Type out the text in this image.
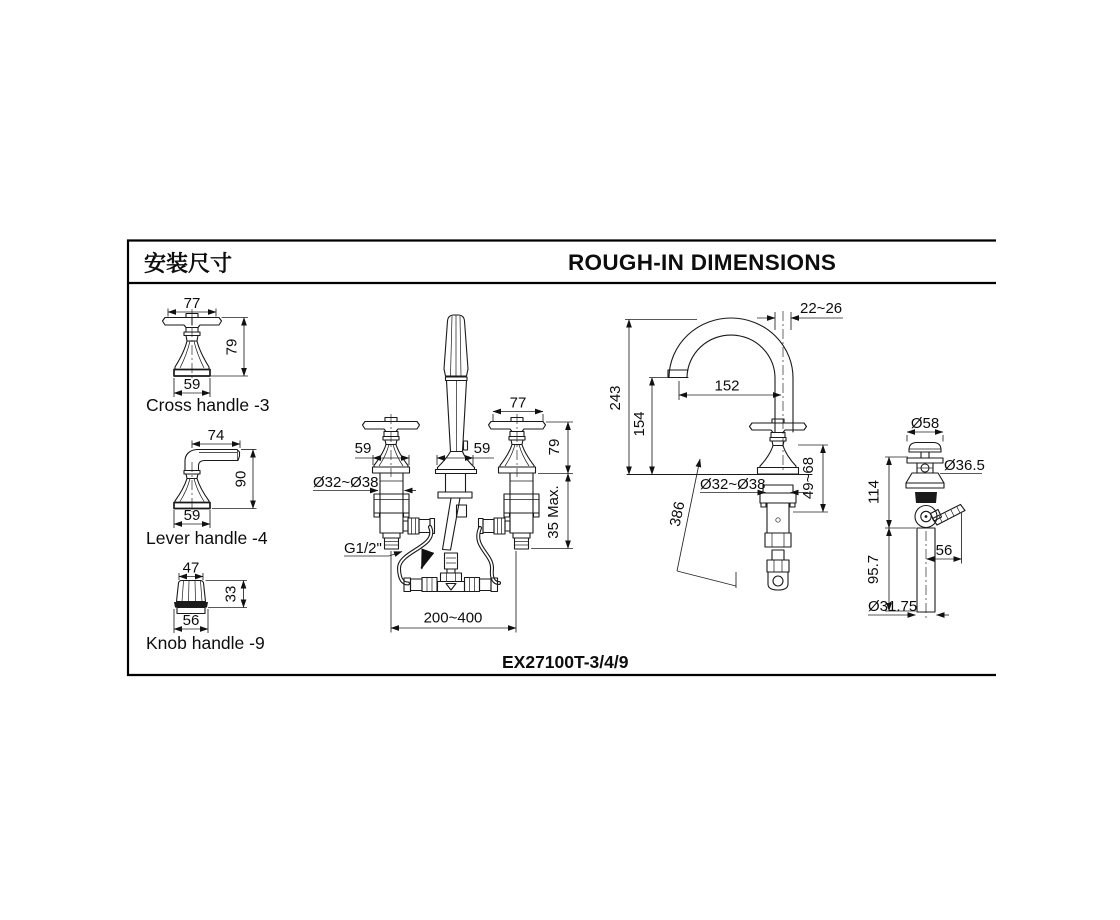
安装尺寸	ROUGH-IN DIMENSIONS
77
79
59
Cross handle -3
74
90
59
Lever handle -4
47
33
56
Knob handle -9
59	59
77
79
35 Max.
Ø32~Ø38
G1/2"
200~400
EX27100T-3/4/9
22~26
243
154
152
Ø32~Ø38 49~68
386
Ø58
Ø36.5
114
95.7
56
Ø31.75
